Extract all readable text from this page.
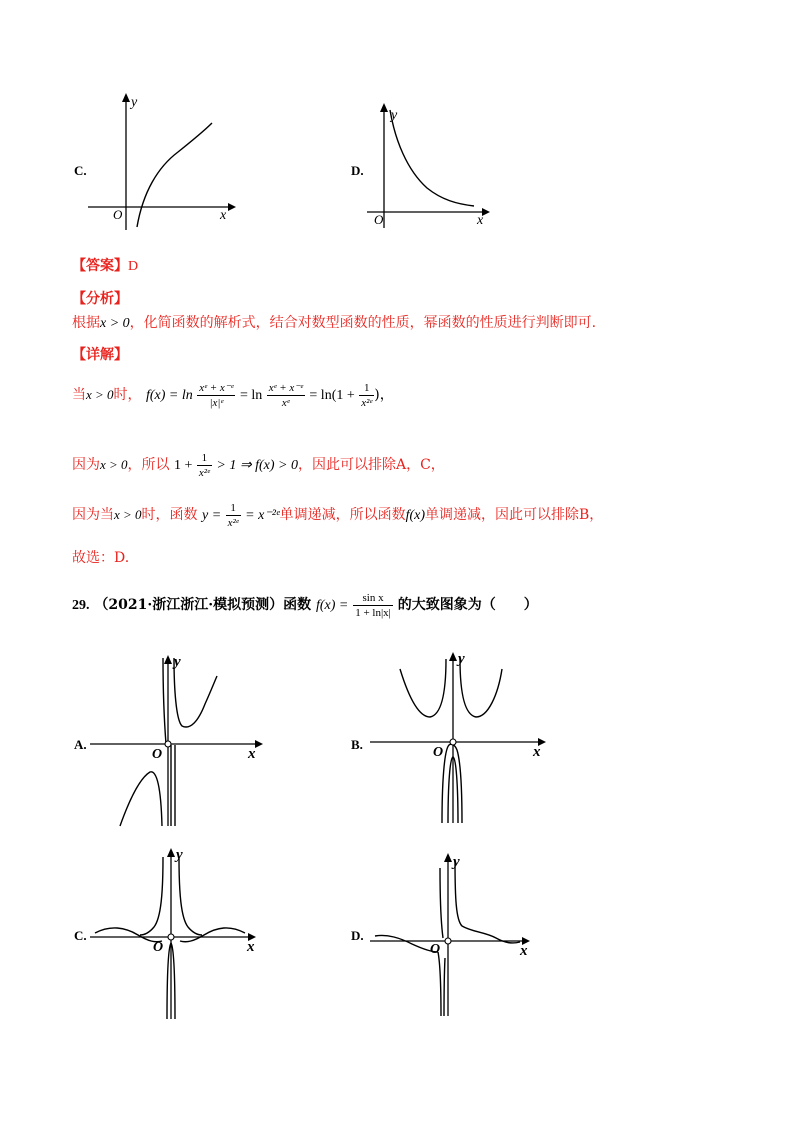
C.
O	x
y
D.
O	x
y
【答案】D
【分析】
根据x > 0，化简函数的解析式，结合对数型函数的性质，幂函数的性质进行判断即可.
【详解】
当x > 0时， $f(x) = \ln \frac{\text{xᵉ + x⁻ᵉ}}{\text{|x|ᵉ}} = \ln \frac{\text{xᵉ + x⁻ᵉ}}{\text{xᵉ}} = \ln(1 + \frac{1}{\text{x²ᵉ}}$ )，
因为x > 0，所以 $1 + \frac{1}{\text{x²ᵉ}} > 1$ ⇒ f(x) > 0，因此可以排除A，C，
因为当x > 0时，函数 $y = \frac{1}{\text{x²ᵉ}}$ = x⁻²ᵉ单调递减，所以函数f(x)单调递减，因此可以排除B，
故选：D.
29. （2021·浙江浙江·模拟预测）函数 $f(x) = \frac{\text{sin x}}{1 + \ln|x|}$ 的大致图象为（　　）
A.
O	x
y
B.
O	x
y
C.
O	x
y
D.
O	x
y
